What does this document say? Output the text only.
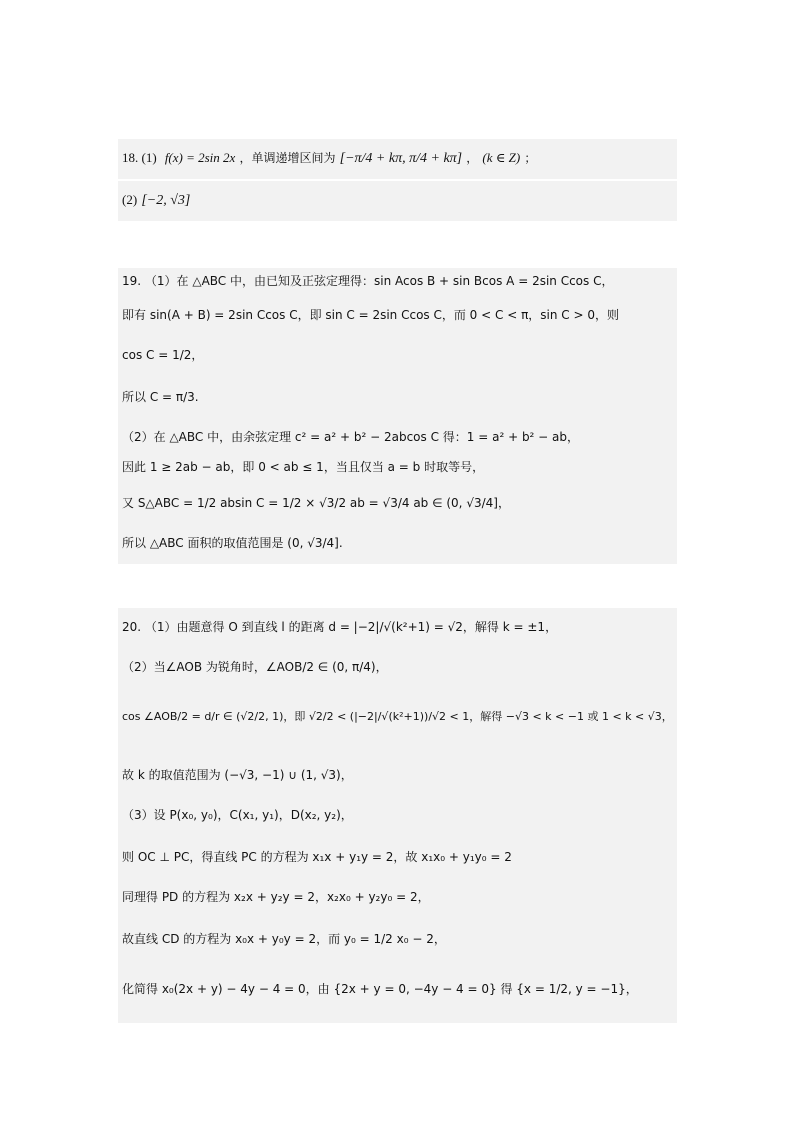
18. (1) f(x) = 2sin 2x ，单调递增区间为 [−π/4 + kπ, π/4 + kπ] ， (k ∈ Z) ；
(2) [−2, √3]
19. （1）在 △ABC 中，由已知及正弦定理得：sin Acos B + sin Bcos A = 2sin Ccos C，
即有 sin(A + B) = 2sin Ccos C，即 sin C = 2sin Ccos C，而 0 < C < π，sin C > 0，则
cos C = 1/2，
所以 C = π/3.
（2）在 △ABC 中，由余弦定理 c² = a² + b² − 2abcos C 得：1 = a² + b² − ab，
因此 1 ≥ 2ab − ab，即 0 < ab ≤ 1，当且仅当 a = b 时取等号，
又 S△ABC = 1/2 absin C = 1/2 × √3/2 ab = √3/4 ab ∈ (0, √3/4]，
所以 △ABC 面积的取值范围是 (0, √3/4].
20. （1）由题意得 O 到直线 l 的距离 d = |−2|/√(k²+1) = √2，解得 k = ±1，
（2）当∠AOB 为锐角时，∠AOB/2 ∈ (0, π/4)，
cos ∠AOB/2 = d/r ∈ (√2/2, 1)，即 √2/2 < (|−2|/√(k²+1))/√2 < 1，解得 −√3 < k < −1 或 1 < k < √3，
故 k 的取值范围为 (−√3, −1) ∪ (1, √3)，
（3）设 P(x₀, y₀)，C(x₁, y₁)，D(x₂, y₂)，
则 OC ⊥ PC，得直线 PC 的方程为 x₁x + y₁y = 2，故 x₁x₀ + y₁y₀ = 2
同理得 PD 的方程为 x₂x + y₂y = 2，x₂x₀ + y₂y₀ = 2，
故直线 CD 的方程为 x₀x + y₀y = 2，而 y₀ = 1/2 x₀ − 2，
化简得 x₀(2x + y) − 4y − 4 = 0，由 {2x + y = 0, −4y − 4 = 0} 得 {x = 1/2, y = −1}，
